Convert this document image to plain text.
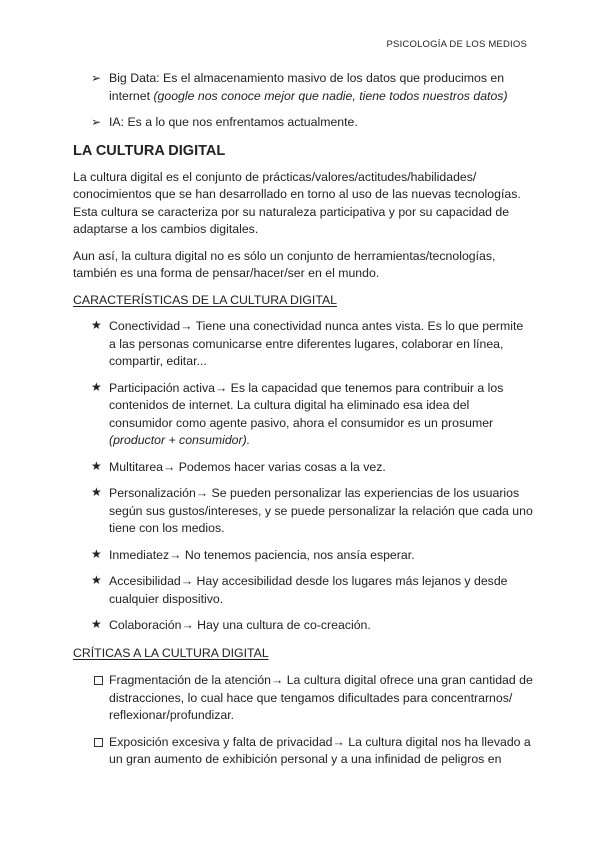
PSICOLOGÍA DE LOS MEDIOS
➢ Big Data: Es el almacenamiento masivo de los datos que producimos en internet (google nos conoce mejor que nadie, tiene todos nuestros datos)
➢ IA: Es a lo que nos enfrentamos actualmente.
LA CULTURA DIGITAL

La cultura digital es el conjunto de prácticas/valores/actitudes/habilidades/ conocimientos que se han desarrollado en torno al uso de las nuevas tecnologías. Esta cultura se caracteriza por su naturaleza participativa y por su capacidad de adaptarse a los cambios digitales.

Aun así, la cultura digital no es sólo un conjunto de herramientas/tecnologías, también es una forma de pensar/hacer/ser en el mundo.

CARACTERÍSTICAS DE LA CULTURA DIGITAL

★ Conectividad→ Tiene una conectividad nunca antes vista. Es lo que permite a las personas comunicarse entre diferentes lugares, colaborar en línea, compartir, editar...
★ Participación activa→ Es la capacidad que tenemos para contribuir a los contenidos de internet. La cultura digital ha eliminado esa idea del consumidor como agente pasivo, ahora el consumidor es un prosumer (productor + consumidor).
★ Multitarea→ Podemos hacer varias cosas a la vez.
★ Personalización→ Se pueden personalizar las experiencias de los usuarios según sus gustos/intereses, y se puede personalizar la relación que cada uno tiene con los medios.
★ Inmediatez→ No tenemos paciencia, nos ansía esperar.
★ Accesibilidad→ Hay accesibilidad desde los lugares más lejanos y desde cualquier dispositivo.
★ Colaboración→ Hay una cultura de co-creación.

CRÍTICAS A LA CULTURA DIGITAL

Fragmentación de la atención→ La cultura digital ofrece una gran cantidad de distracciones, lo cual hace que tengamos dificultades para concentrarnos/ reflexionar/profundizar.
Exposición excesiva y falta de privacidad→ La cultura digital nos ha llevado a un gran aumento de exhibición personal y a una infinidad de peligros en
